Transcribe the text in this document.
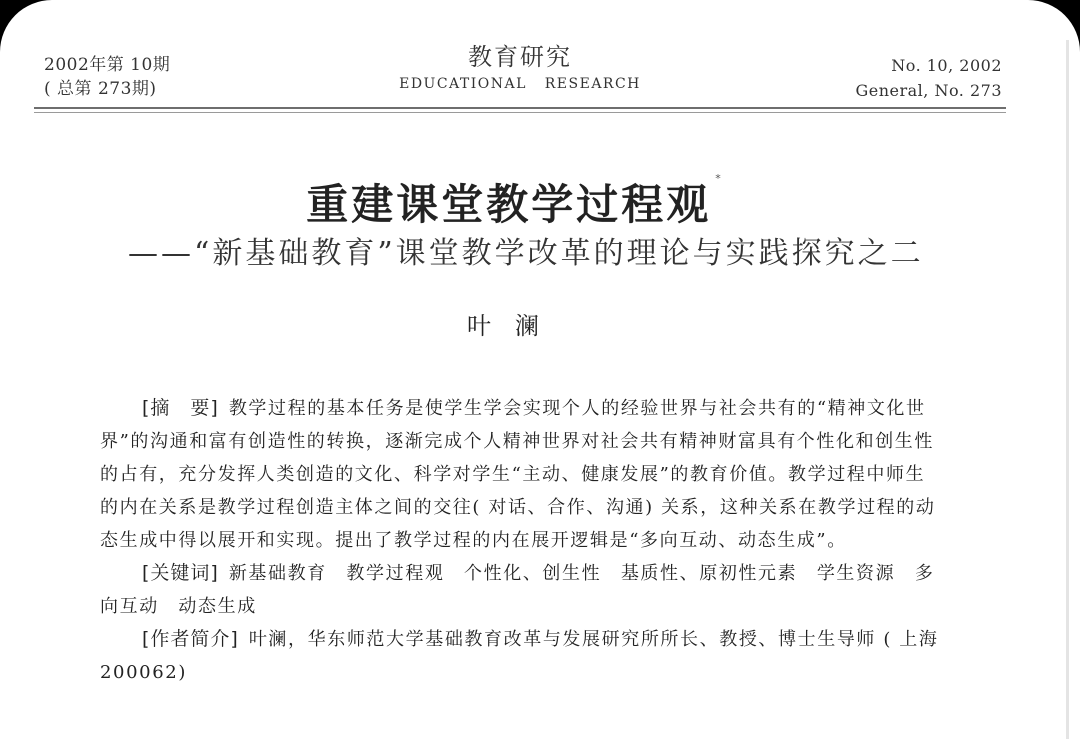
2002年第 10期
( 总第 273期)
教育研究
EDUCATIONAL   RESEARCH
No. 10, 2002
General, No. 273
重建课堂教学过程观*
——“新基础教育”课堂教学改革的理论与实践探究之二
叶澜

[摘　要] 教学过程的基本任务是使学生学会实现个人的经验世界与社会共有的“精神文化世界”的沟通和富有创造性的转换，逐渐完成个人精神世界对社会共有精神财富具有个性化和创生性的占有，充分发挥人类创造的文化、科学对学生“主动、健康发展”的教育价值。教学过程中师生的内在关系是教学过程创造主体之间的交往( 对话、合作、沟通) 关系，这种关系在教学过程的动态生成中得以展开和实现。提出了教学过程的内在展开逻辑是“多向互动、动态生成”。

[关键词] 新基础教育　教学过程观　个性化、创生性　基质性、原初性元素　学生资源　多向互动　动态生成

[作者简介] 叶澜，华东师范大学基础教育改革与发展研究所所长、教授、博士生导师 ( 上海　200062)
